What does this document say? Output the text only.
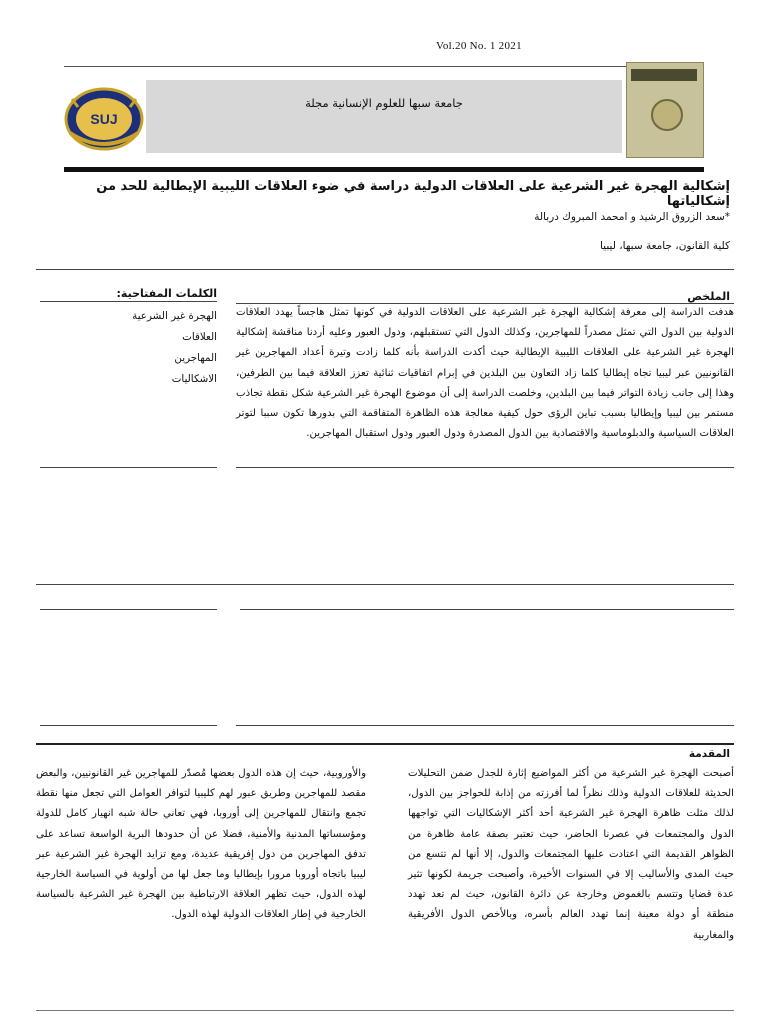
Vol.20 No. 1 2021
جامعة سبها للعلوم الإنسانية مجلة
SUJ
إشكالية الهجرة غير الشرعية على العلاقات الدولية دراسة في ضوء العلاقات الليبية الإيطالية للحد من إشكالياتها
*سعد الزروق الرشيد و امحمد المبروك دربالة
كلية القانون، جامعة سبها، ليبيا
الملخص
هدفت الدراسة إلى معرفة إشكالية الهجرة غير الشرعية على العلاقات الدولية في كونها تمثل هاجساً يهدد العلاقات الدولية بين الدول التي تمثل مصدراً للمهاجرين، وكذلك الدول التي تستقبلهم، ودول العبور وعليه أردنا مناقشة إشكالية الهجرة غير الشرعية على العلاقات الليبية الإيطالية حيث أكدت الدراسة بأنه كلما زادت وتيرة أعداد المهاجرين غير القانونيين عبر ليبيا تجاه إيطاليا كلما زاد التعاون بين البلدين في إبرام اتفاقيات ثنائية تعزز العلاقة فيما بين الطرفين، وهذا إلى جانب زيادة التواتر فيما بين البلدين، وخلصت الدراسة إلى أن موضوع الهجرة غير الشرعية شكل نقطة تجاذب مستمر بين ليبيا وإيطاليا بسبب تباين الرؤى حول كيفية معالجة هذه الظاهرة المتفاقمة التي بدورها تكون سببا لتوتر العلاقات السياسية والدبلوماسية والاقتصادية بين الدول المصدرة ودول العبور ودول استقبال المهاجرين.
الكلمات المفتاحية:
الهجرة غير الشرعية
العلاقات
المهاجرين
الاشكاليات
المقدمة
أصبحت الهجرة غير الشرعية من أكثر المواضيع إثارة للجدل ضمن التحليلات الحديثة للعلاقات الدولية وذلك نظراً لما أفرزته من إذابة للحواجز بين الدول، لذلك مثلت ظاهرة الهجرة غير الشرعية أحد أكثر الإشكاليات التي تواجهها الدول والمجتمعات في عصرنا الحاضر، حيث تعتبر بصفة عامة ظاهرة من الظواهر القديمة التي اعتادت عليها المجتمعات والدول، إلا أنها لم تتسع من حيث المدى والأساليب إلا في السنوات الأخيرة، وأصبحت جريمة لكونها تثير عدة قضايا وتتسم بالغموض وخارجة عن دائرة القانون، حيث لم تعد تهدد منطقة أو دولة معينة إنما تهدد العالم بأسره، وبالأخص الدول الأفريقية والمغاربية
والأوروبية، حيث إن هذه الدول بعضها مُصدّر للمهاجرين غير القانونيين، والبعض مقصد للمهاجرين وطريق عبور لهم كليبيا لتوافر العوامل التي تجعل منها نقطة تجمع وانتقال للمهاجرين إلى أوروبا، فهي تعاني حالة شبه انهيار كامل للدولة ومؤسساتها المدنية والأمنية، فضلا عن أن حدودها البرية الواسعة تساعد على تدفق المهاجرين من دول إفريقية عديدة، ومع تزايد الهجرة غير الشرعية عبر ليبيا باتجاه أوروبا مرورا بإيطاليا وما جعل لها من أولوية في السياسة الخارجية لهذه الدول، حيث تظهر العلاقة الارتباطية بين الهجرة غير الشرعية بالسياسة الخارجية في إطار العلاقات الدولية لهذه الدول.
